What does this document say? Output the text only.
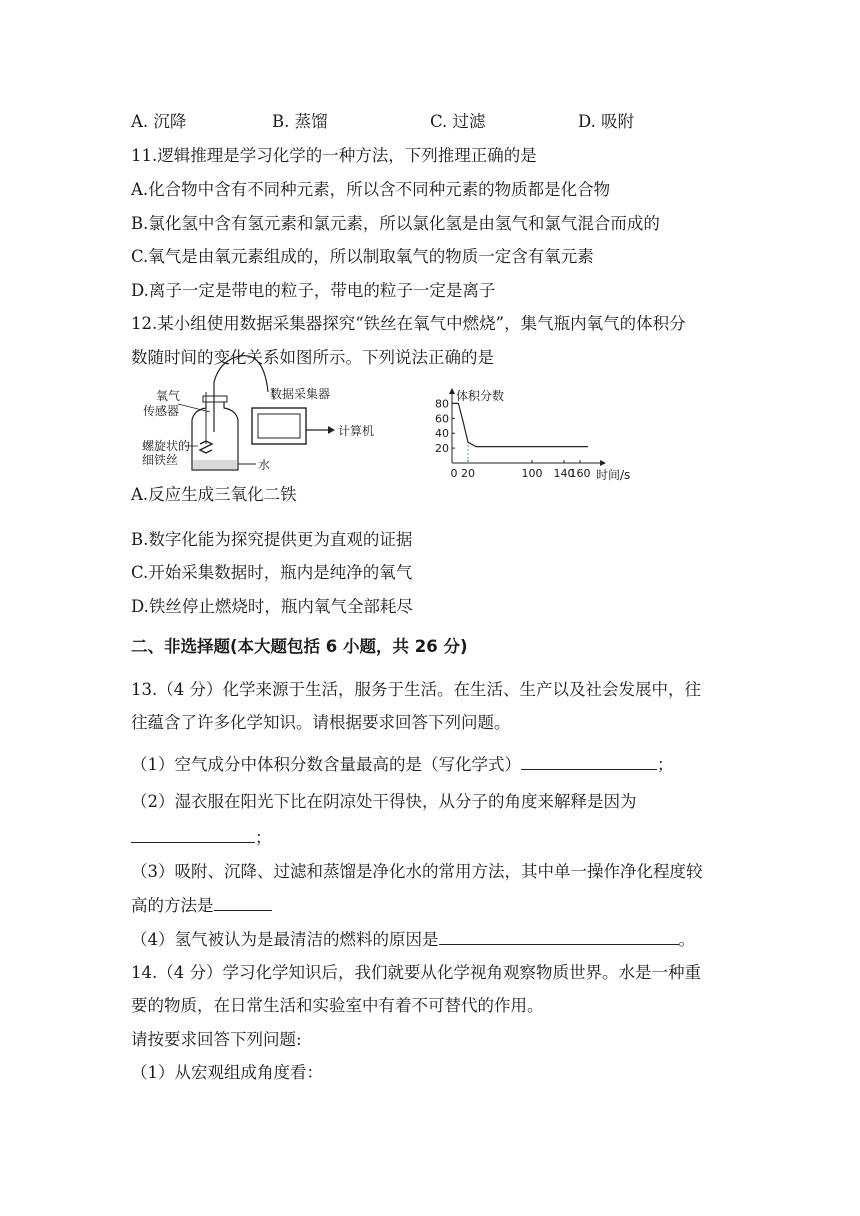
A. 沉降	B. 蒸馏	C. 过滤	D. 吸附
11.逻辑推理是学习化学的一种方法，下列推理正确的是
A.化合物中含有不同种元素，所以含不同种元素的物质都是化合物
B.氯化氢中含有氢元素和氯元素，所以氯化氢是由氢气和氯气混合而成的
C.氧气是由氧元素组成的，所以制取氧气的物质一定含有氧元素
D.离子一定是带电的粒子，带电的粒子一定是离子
12.某小组使用数据采集器探究“铁丝在氧气中燃烧”，集气瓶内氧气的体积分
数随时间的变化关系如图所示。下列说法正确的是
氧气
传感器
螺旋状的
细铁丝	水
数据采集器
计算机
体积分数
80
60
40
20
0 20	100 140
160 时间/s
A.反应生成三氧化二铁
B.数字化能为探究提供更为直观的证据
C.开始采集数据时，瓶内是纯净的氧气
D.铁丝停止燃烧时，瓶内氧气全部耗尽
二、非选择题(本大题包括 6 小题，共 26 分)
13.（4 分）化学来源于生活，服务于生活。在生活、生产以及社会发展中，往
往蕴含了许多化学知识。请根据要求回答下列问题。
（1）空气成分中体积分数含量最高的是（写化学式）	；
（2）湿衣服在阳光下比在阴凉处干得快，从分子的角度来解释是因为
；
（3）吸附、沉降、过滤和蒸馏是净化水的常用方法，其中单一操作净化程度较
高的方法是
（4）氢气被认为是最清洁的燃料的原因是	。
14.（4 分）学习化学知识后，我们就要从化学视角观察物质世界。水是一种重
要的物质，在日常生活和实验室中有着不可替代的作用。
请按要求回答下列问题:
（1）从宏观组成角度看：
